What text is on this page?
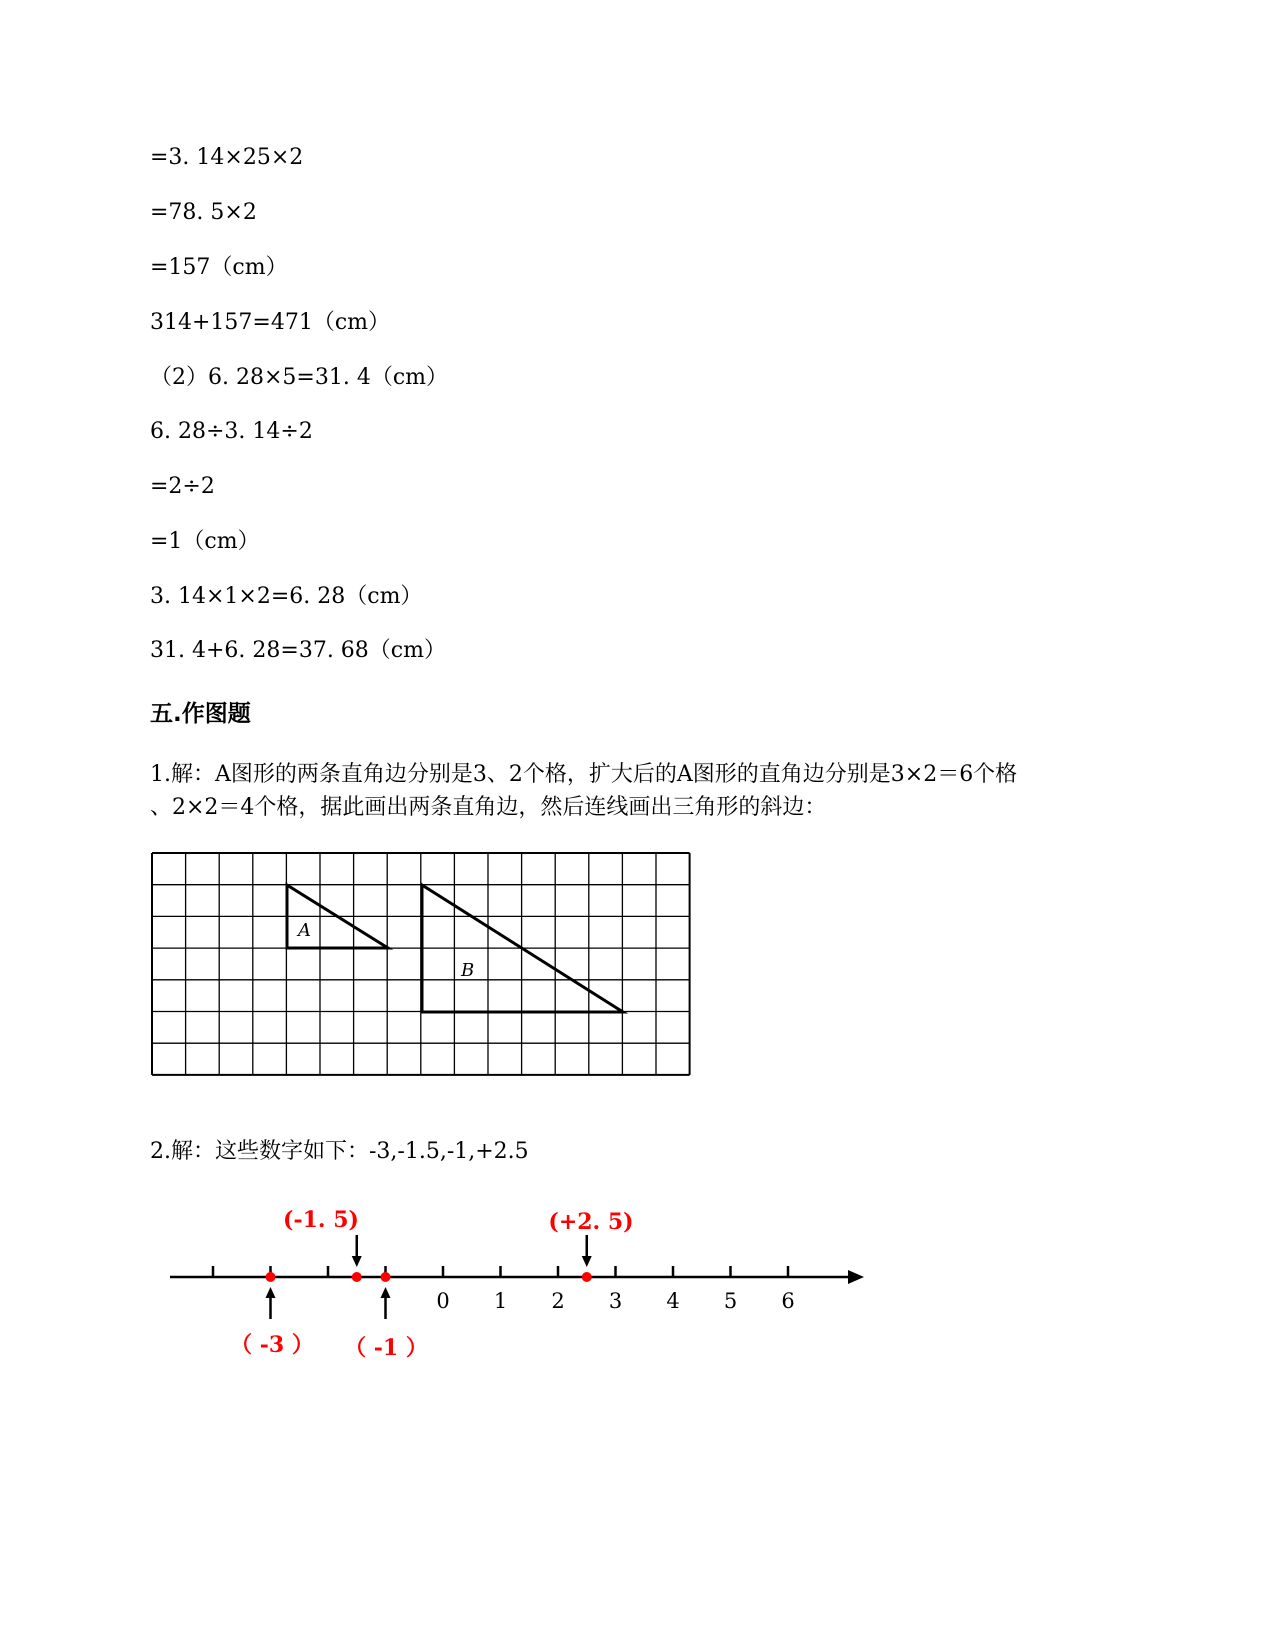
=3. 14×25×2
=78. 5×2
=157（cm）
314+157=471（cm）
（2）6. 28×5=31. 4（cm）
6. 28÷3. 14÷2
=2÷2
=1（cm）
3. 14×1×2=6. 28（cm）
31. 4+6. 28=37. 68（cm）
五.作图题
1.解：A图形的两条直角边分别是3、2个格，扩大后的A图形的直角边分别是3×2＝6个格
、2×2＝4个格，据此画出两条直角边，然后连线画出三角形的斜边：
A
B
2.解：这些数字如下：-3,-1.5,-1,+2.5
0 1 2 3 4 5 6
(-1. 5)	(+2. 5)
（ -3 ） （ -1 ）
